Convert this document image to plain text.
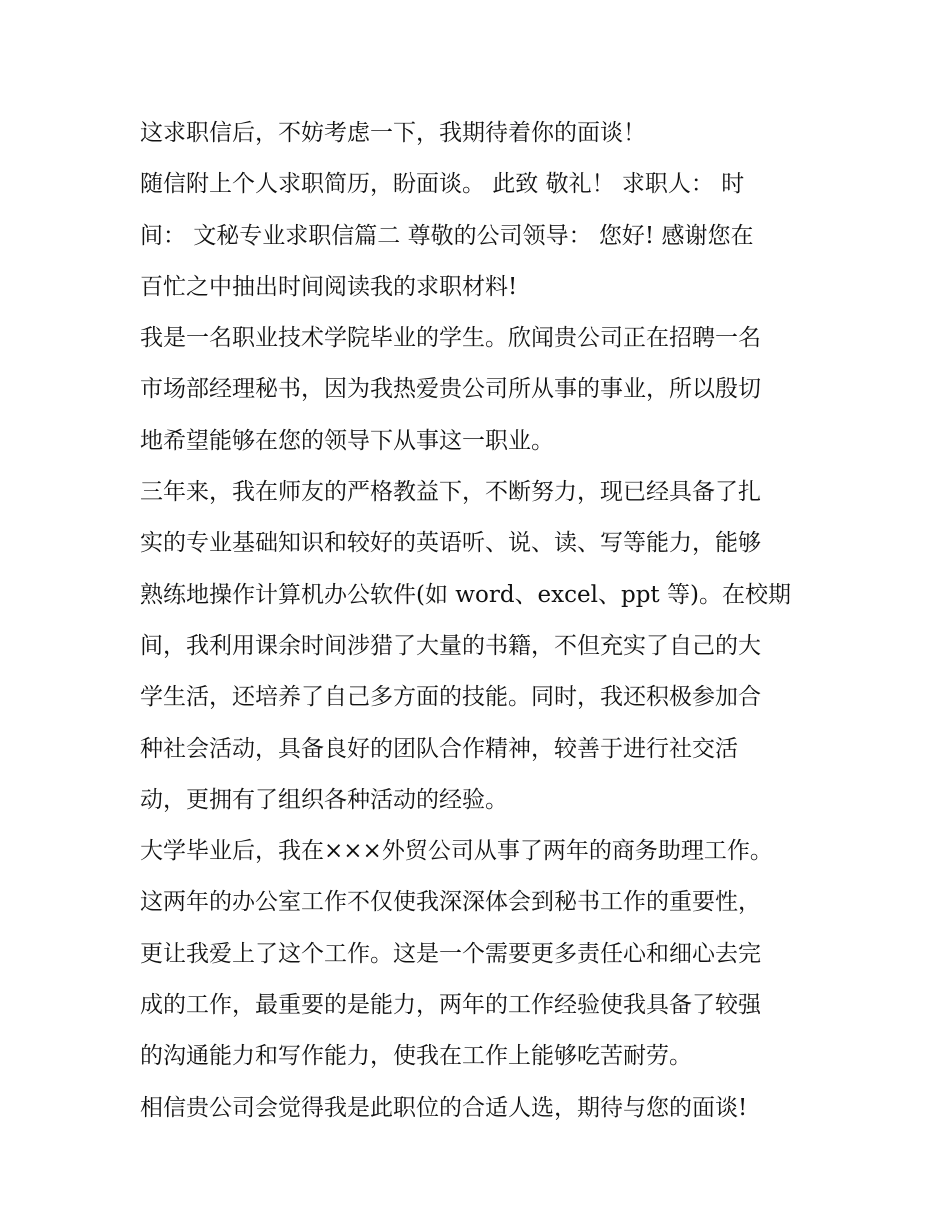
这求职信后，不妨考虑一下，我期待着你的面谈！
随信附上个人求职简历，盼面谈。 此致 敬礼！ 求职人： 时
间： 文秘专业求职信篇二 尊敬的公司领导： 您好! 感谢您在
百忙之中抽出时间阅读我的求职材料!
我是一名职业技术学院毕业的学生。欣闻贵公司正在招聘一名
市场部经理秘书，因为我热爱贵公司所从事的事业，所以殷切
地希望能够在您的领导下从事这一职业。
三年来，我在师友的严格教益下，不断努力，现已经具备了扎
实的专业基础知识和较好的英语听、说、读、写等能力，能够
熟练地操作计算机办公软件(如 word、excel、ppt 等)。在校期
间，我利用课余时间涉猎了大量的书籍，不但充实了自己的大
学生活，还培养了自己多方面的技能。同时，我还积极参加合
种社会活动，具备良好的团队合作精神，较善于进行社交活
动，更拥有了组织各种活动的经验。
大学毕业后，我在×××外贸公司从事了两年的商务助理工作。
这两年的办公室工作不仅使我深深体会到秘书工作的重要性，
更让我爱上了这个工作。这是一个需要更多责任心和细心去完
成的工作，最重要的是能力，两年的工作经验使我具备了较强
的沟通能力和写作能力，使我在工作上能够吃苦耐劳。
相信贵公司会觉得我是此职位的合适人选，期待与您的面谈!
